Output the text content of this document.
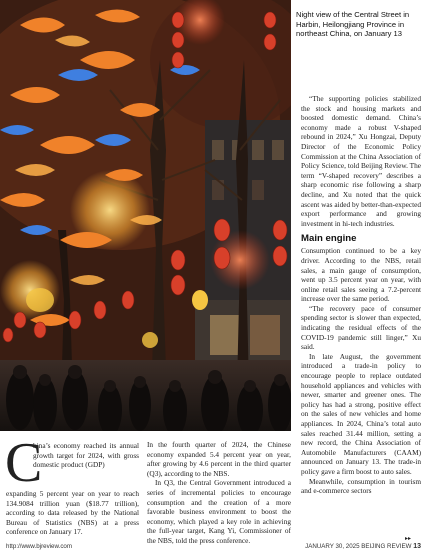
Night view of the Central Street in Harbin, Heilongjiang Province in northeast China, on January 13

“The supporting policies stabilized the stock and housing markets and boosted domestic demand. China’s economy made a robust V-shaped rebound in 2024,” Xu Hongzai, Deputy Director of the Economic Policy Commission at the China Association of Policy Science, told Beijing Review. The term “V-shaped recovery” describes a sharp economic rise following a sharp decline, and Xu noted that the quick ascent was aided by better-than-expected export performance and growing investment in hi-tech industries.

Main engine

Consumption continued to be a key driver. According to the NBS, retail sales, a main gauge of consumption, went up 3.5 percent year on year, with online retail sales seeing a 7.2-percent increase over the same period.

“The recovery pace of consumer spending sector is slower than expected, indicating the residual effects of the COVID-19 pandemic still linger,” Xu said.

In late August, the government introduced a trade-in policy to encourage people to replace outdated household appliances and vehicles with newer, smarter and greener ones. The policy has had a strong, positive effect on the sales of new vehicles and home appliances. In 2024, China’s total auto sales reached 31.44 million, setting a new record, the China Association of Automobile Manufacturers (CAAM) announced on January 13. The trade-in policy gave a firm boost to auto sales.

Meanwhile, consumption in tourism and e-commerce sectors

C

hina’s economy reached its annual growth target for 2024, with gross domestic product (GDP)

expanding 5 percent year on year to reach 134.9084 trillion yuan ($18.77 trillion), according to data released by the National Bureau of Statistics (NBS) at a press conference on January 17.

In the fourth quarter of 2024, the Chinese economy expanded 5.4 percent year on year, after growing by 4.6 percent in the third quarter (Q3), according to the NBS.

In Q3, the Central Government introduced a series of incremental policies to encourage consumption and the creation of a more favorable business environment to boost the economy, which played a key role in achieving the full-year target, Kang Yi, Commissioner of the NBS, told the press conference.

http://www.bjreview.com	JANUARY 30, 2025 BEIJING REVIEW 13
▸▸
